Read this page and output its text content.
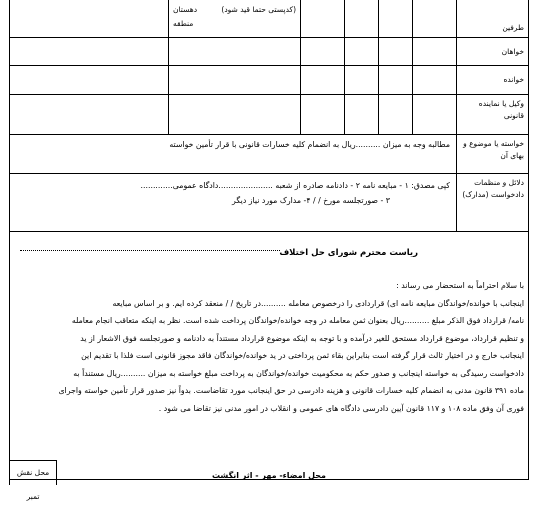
طرفین					(کدپستی حتما قید شود)
دهستان
منطقه	

خواهان						
خوانده						
وکیل یا نماینده قانونی						
خواسته یا موضوع و بهای آن	مطالبه وجه به میزان ..........ریال به انضمام کلیه خسارات قانونی با قرار تأمین خواسته					
دلائل و منظمات دادخواست (مدارک)	کپی مصدق: ۱ - مبایعه نامه ۲ - دادنامه صادره از شعبه ......................دادگاه عمومی.............
۳ - صورتجلسه مورخ / / ۴- مدارک مورد نیاز دیگر					
ریاست محترم شورای حل اختلاف

با سلام احتراماً به استحضار می رساند :

اینجانب با خوانده/خواندگان مبایعه نامه ای) قراردادی را درخصوص معامله ..........در تاریخ / / منعقد کرده ایم. و بر اساس مبایعه

نامه/ قرارداد فوق الذکر مبلغ ..........ریال بعنوان ثمن معامله در وجه خوانده/خواندگان پرداخت شده است. نظر به اینکه متعاقب انجام معامله

و تنظیم قرارداد، موضوع قرارداد مستحق للغیر درآمده و با توجه به اینکه موضوع قرارداد مستنداً به دادنامه و صورتجلسه فوق الاشعار از ید

اینجانب خارج و در اختیار ثالث قرار گرفته است بنابراین بقاء ثمن پرداختی در ید خوانده/خواندگان فاقد مجوز قانونی است فلذا با تقدیم این

دادخواست رسیدگی به خواسته اینجانب و صدور حکم به محکومیت خوانده/خواندگان به پرداخت مبلغ خواسته به میزان ..........ریال مستنداً به

ماده ۳۹۱ قانون مدنی به انضمام کلیه خسارات قانونی و هزینه دادرسی در حق اینجانب مورد تقاضاست. بدواً نیز صدور قرار تأمین خواسته واجرای

فوری آن وفق ماده ۱۰۸ و ۱۱۷ قانون آیین دادرسی دادگاه های عمومی و انقلاب در امور مدنی نیز تقاضا می شود .

محل امضاء- مهر - اثر انگشت
محل نقش تمبر
